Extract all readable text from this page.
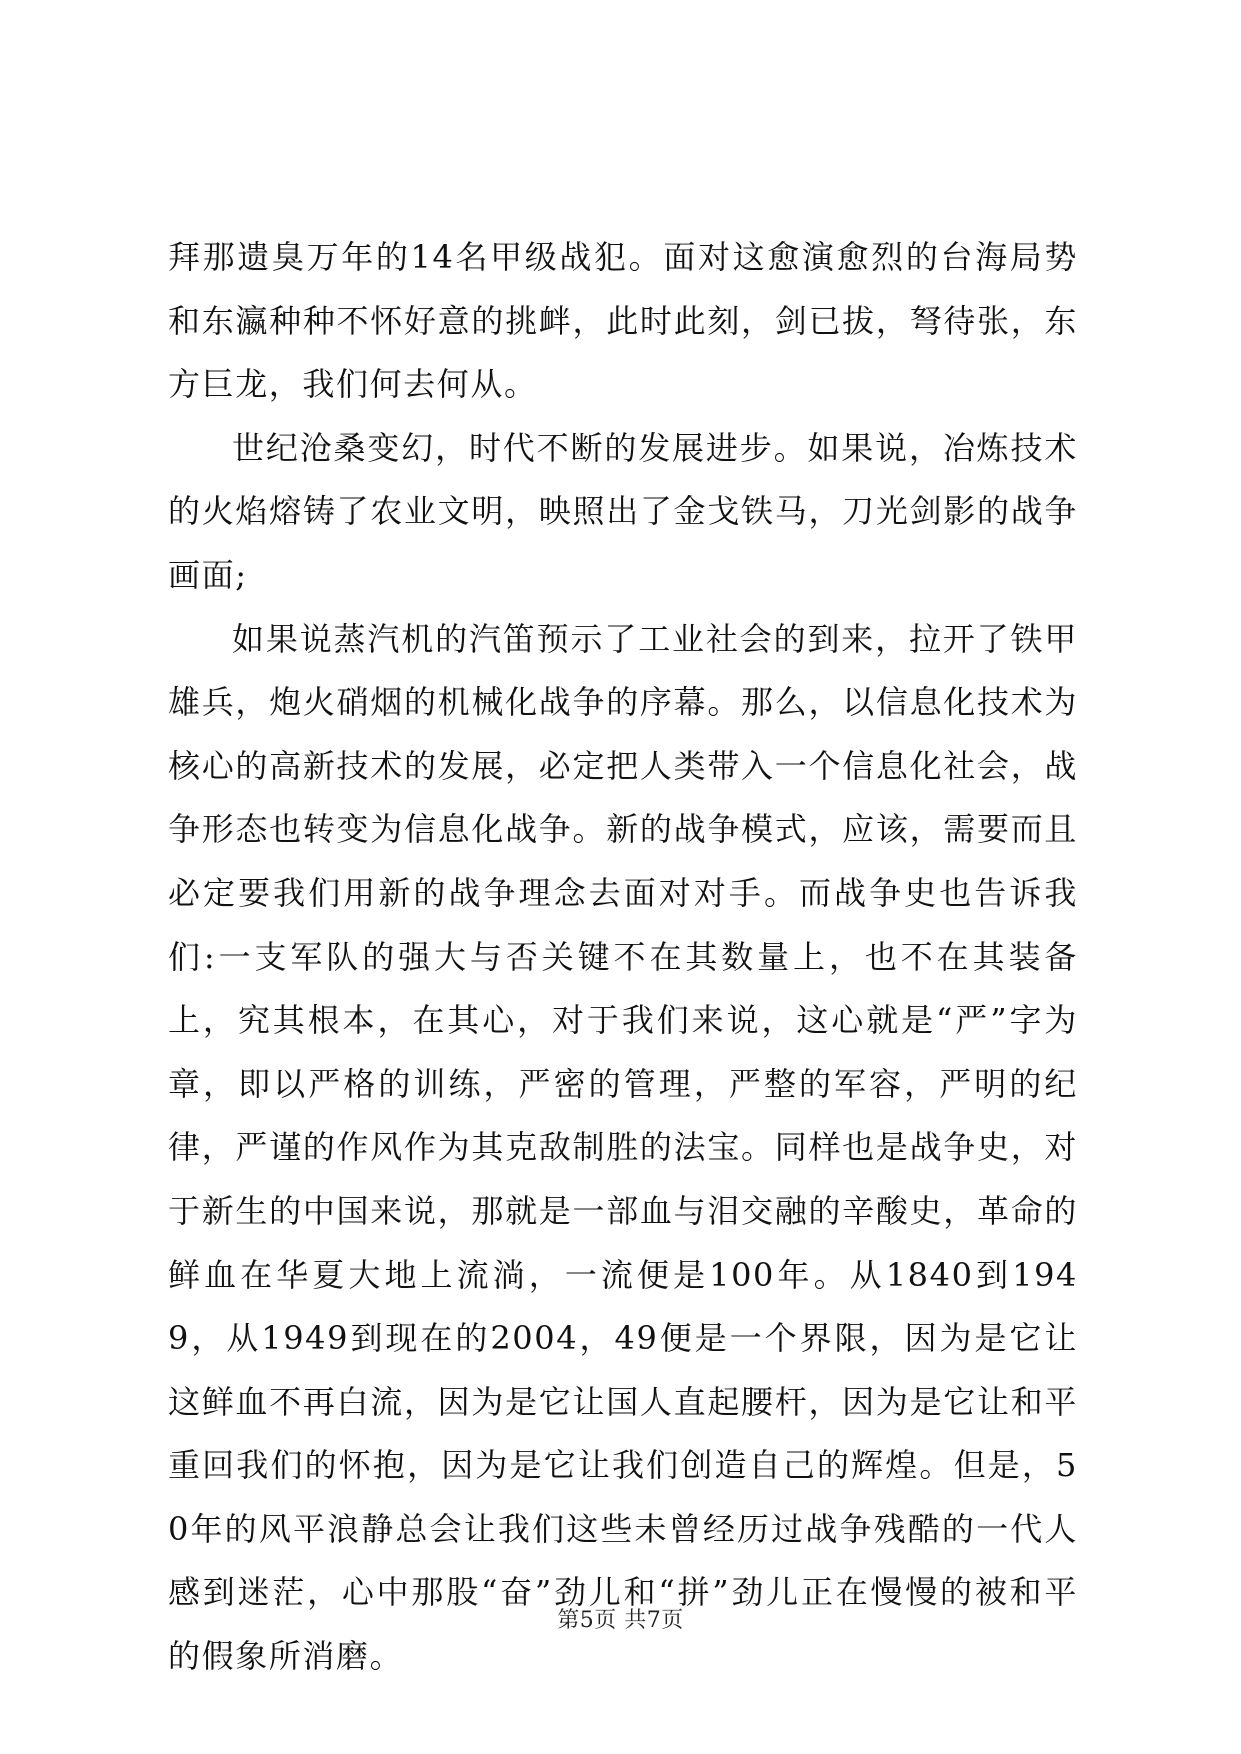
拜那遗臭万年的14名甲级战犯。面对这愈演愈烈的台海局势和东瀛种种不怀好意的挑衅，此时此刻，剑已拔，弩待张，东方巨龙，我们何去何从。

世纪沧桑变幻，时代不断的发展进步。如果说，冶炼技术的火焰熔铸了农业文明，映照出了金戈铁马，刀光剑影的战争画面;

如果说蒸汽机的汽笛预示了工业社会的到来，拉开了铁甲雄兵，炮火硝烟的机械化战争的序幕。那么，以信息化技术为核心的高新技术的发展，必定把人类带入一个信息化社会，战争形态也转变为信息化战争。新的战争模式，应该，需要而且必定要我们用新的战争理念去面对对手。而战争史也告诉我们:一支军队的强大与否关键不在其数量上，也不在其装备上，究其根本，在其心，对于我们来说，这心就是“严”字为章，即以严格的训练，严密的管理，严整的军容，严明的纪律，严谨的作风作为其克敌制胜的法宝。同样也是战争史，对于新生的中国来说，那就是一部血与泪交融的辛酸史，革命的鲜血在华夏大地上流淌，一流便是100年。从1840到1949，从1949到现在的2004，49便是一个界限，因为是它让这鲜血不再白流，因为是它让国人直起腰杆，因为是它让和平重回我们的怀抱，因为是它让我们创造自己的辉煌。但是，50年的风平浪静总会让我们这些未曾经历过战争残酷的一代人感到迷茫，心中那股“奋”劲儿和“拼”劲儿正在慢慢的被和平的假象所消磨。

第5页 共7页
